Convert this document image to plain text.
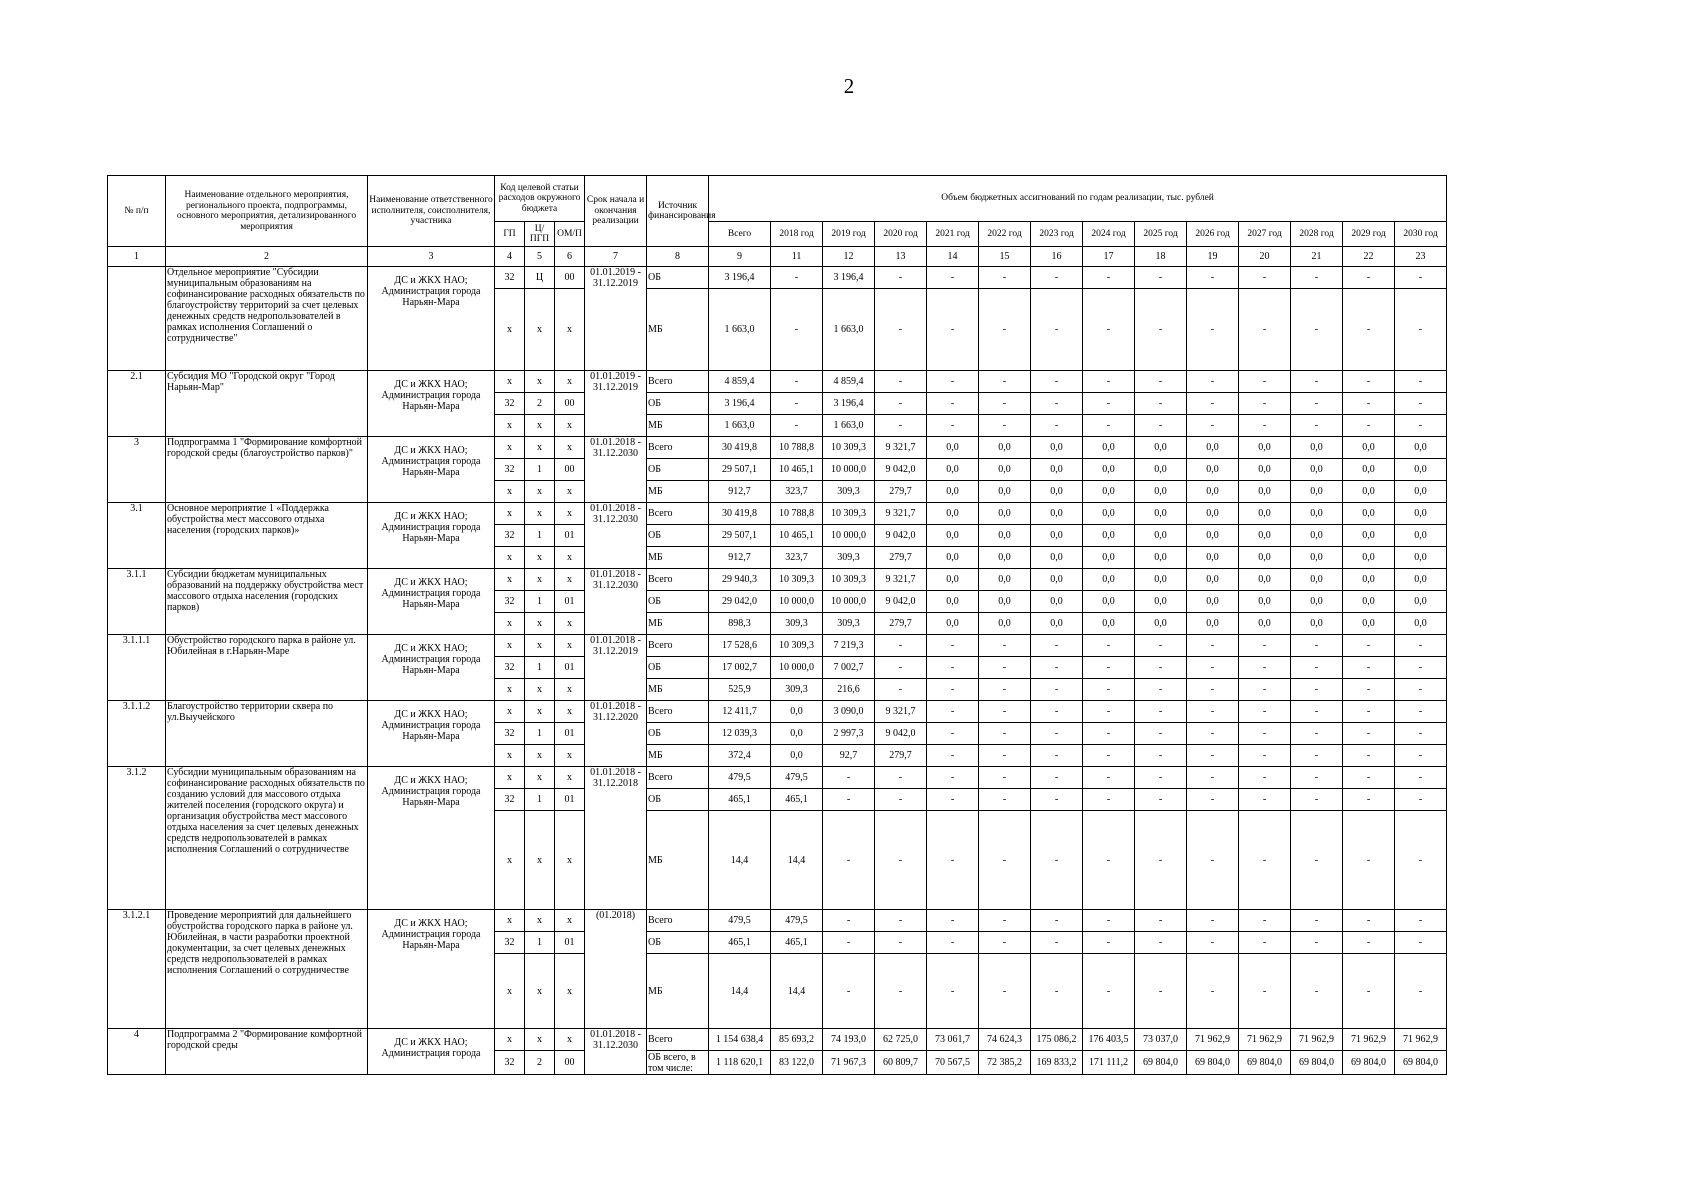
2
№ п/п	Наименование отдельного мероприятия, регионального проекта, подпрограммы, основного мероприятия, детализированного мероприятия	Наименование ответственного исполнителя, соисполнителя, участника	Код целевой статьи расходов окружного бюджета			Срок начала и окончания реализации	Источник финансирования	Объем бюджетных ассигнований по годам реализации, тыс. рублей													
			ГП	Ц/ПГП	ОМ/П			Всего	2018 год	2019 год	2020 год	2021 год	2022 год	2023 год	2024 год	2025 год	2026 год	2027 год	2028 год	2029 год	2030 год
1	2	3	4	5	6	7	8	9	11	12	13	14	15	16	17	18	19	20	21	22	23
	Отдельное мероприятие "Субсидии муниципальным образованиям на софинансирование расходных обязательств по благоустройству территорий за счет целевых денежных средств недропользователей в рамках исполнения Соглашений о сотрудничестве"	ДС и ЖКХ НАО; Администрация города Нарьян-Мара	32	Ц	00	01.01.2019 - 31.12.2019	ОБ	3 196,4	-	3 196,4	-	-	-	-	-	-	-	-	-	-	-
			х	х	х		МБ	1 663,0	-	1 663,0	-	-	-	-	-	-	-	-	-	-	-
2.1	Субсидия МО "Городской округ "Город Нарьян-Мар"	ДС и ЖКХ НАО; Администрация города Нарьян-Мара	х	х	х	01.01.2019 - 31.12.2019	Всего	4 859,4	-	4 859,4	-	-	-	-	-	-	-	-	-	-	-
			32	2	00		ОБ	3 196,4	-	3 196,4	-	-	-	-	-	-	-	-	-	-	-
			х	х	х		МБ	1 663,0	-	1 663,0	-	-	-	-	-	-	-	-	-	-	-
3	Подпрограмма 1 "Формирование комфортной городской среды (благоустройство парков)"	ДС и ЖКХ НАО; Администрация города Нарьян-Мара	х	х	х	01.01.2018 - 31.12.2030	Всего	30 419,8	10 788,8	10 309,3	9 321,7	0,0	0,0	0,0	0,0	0,0	0,0	0,0	0,0	0,0	0,0
			32	1	00		ОБ	29 507,1	10 465,1	10 000,0	9 042,0	0,0	0,0	0,0	0,0	0,0	0,0	0,0	0,0	0,0	0,0
			х	х	х		МБ	912,7	323,7	309,3	279,7	0,0	0,0	0,0	0,0	0,0	0,0	0,0	0,0	0,0	0,0
3.1	Основное мероприятие 1 «Поддержка обустройства мест массового отдыха населения (городских парков)»	ДС и ЖКХ НАО; Администрация города Нарьян-Мара	х	х	х	01.01.2018 - 31.12.2030	Всего	30 419,8	10 788,8	10 309,3	9 321,7	0,0	0,0	0,0	0,0	0,0	0,0	0,0	0,0	0,0	0,0
			32	1	01		ОБ	29 507,1	10 465,1	10 000,0	9 042,0	0,0	0,0	0,0	0,0	0,0	0,0	0,0	0,0	0,0	0,0
			х	х	х		МБ	912,7	323,7	309,3	279,7	0,0	0,0	0,0	0,0	0,0	0,0	0,0	0,0	0,0	0,0
3.1.1	Субсидии бюджетам муниципальных образований на поддержку обустройства мест массового отдыха населения (городских парков)	ДС и ЖКХ НАО; Администрация города Нарьян-Мара	х	х	х	01.01.2018 - 31.12.2030	Всего	29 940,3	10 309,3	10 309,3	9 321,7	0,0	0,0	0,0	0,0	0,0	0,0	0,0	0,0	0,0	0,0
			32	1	01		ОБ	29 042,0	10 000,0	10 000,0	9 042,0	0,0	0,0	0,0	0,0	0,0	0,0	0,0	0,0	0,0	0,0
			х	х	х		МБ	898,3	309,3	309,3	279,7	0,0	0,0	0,0	0,0	0,0	0,0	0,0	0,0	0,0	0,0
3.1.1.1	Обустройство городского парка в районе ул. Юбилейная в г.Нарьян-Маре	ДС и ЖКХ НАО; Администрация города Нарьян-Мара	х	х	х	01.01.2018 - 31.12.2019	Всего	17 528,6	10 309,3	7 219,3	-	-	-	-	-	-	-	-	-	-	-
			32	1	01		ОБ	17 002,7	10 000,0	7 002,7	-	-	-	-	-	-	-	-	-	-	-
			х	х	х		МБ	525,9	309,3	216,6	-	-	-	-	-	-	-	-	-	-	-
3.1.1.2	Благоустройство территории сквера по ул.Выучейского	ДС и ЖКХ НАО; Администрация города Нарьян-Мара	х	х	х	01.01.2018 - 31.12.2020	Всего	12 411,7	0,0	3 090,0	9 321,7	-	-	-	-	-	-	-	-	-	-
			32	1	01		ОБ	12 039,3	0,0	2 997,3	9 042,0	-	-	-	-	-	-	-	-	-	-
			х	х	х		МБ	372,4	0,0	92,7	279,7	-	-	-	-	-	-	-	-	-	-
3.1.2	Субсидии муниципальным образованиям на софинансирование расходных обязательств по созданию условий для массового отдыха жителей поселения (городского округа) и организация обустройства мест массового отдыха населения за счет целевых денежных средств недропользователей в рамках исполнения Соглашений о сотрудничестве	ДС и ЖКХ НАО; Администрация города Нарьян-Мара	х	х	х	01.01.2018 - 31.12.2018	Всего	479,5	479,5	-	-	-	-	-	-	-	-	-	-	-	-
			32	1	01		ОБ	465,1	465,1	-	-	-	-	-	-	-	-	-	-	-	-
			х	х	х		МБ	14,4	14,4	-	-	-	-	-	-	-	-	-	-	-	-
3.1.2.1	Проведение мероприятий для дальнейшего обустройства городского парка в районе ул. Юбилейная, в части разработки проектной документации, за счет целевых денежных средств недропользователей в рамках исполнения Соглашений о сотрудничестве	ДС и ЖКХ НАО; Администрация города Нарьян-Мара	х	х	х	(01.2018)	Всего	479,5	479,5	-	-	-	-	-	-	-	-	-	-	-	-
			32	1	01		ОБ	465,1	465,1	-	-	-	-	-	-	-	-	-	-	-	-
			х	х	х		МБ	14,4	14,4	-	-	-	-	-	-	-	-	-	-	-	-
4	Подпрограмма 2 "Формирование комфортной городской среды	ДС и ЖКХ НАО; Администрация города	х	х	х	01.01.2018 - 31.12.2030	Всего	1 154 638,4	85 693,2	74 193,0	62 725,0	73 061,7	74 624,3	175 086,2	176 403,5	73 037,0	71 962,9	71 962,9	71 962,9	71 962,9	71 962,9
			32	2	00		ОБ всего, в том числе:	1 118 620,1	83 122,0	71 967,3	60 809,7	70 567,5	72 385,2	169 833,2	171 111,2	69 804,0	69 804,0	69 804,0	69 804,0	69 804,0	69 804,0
